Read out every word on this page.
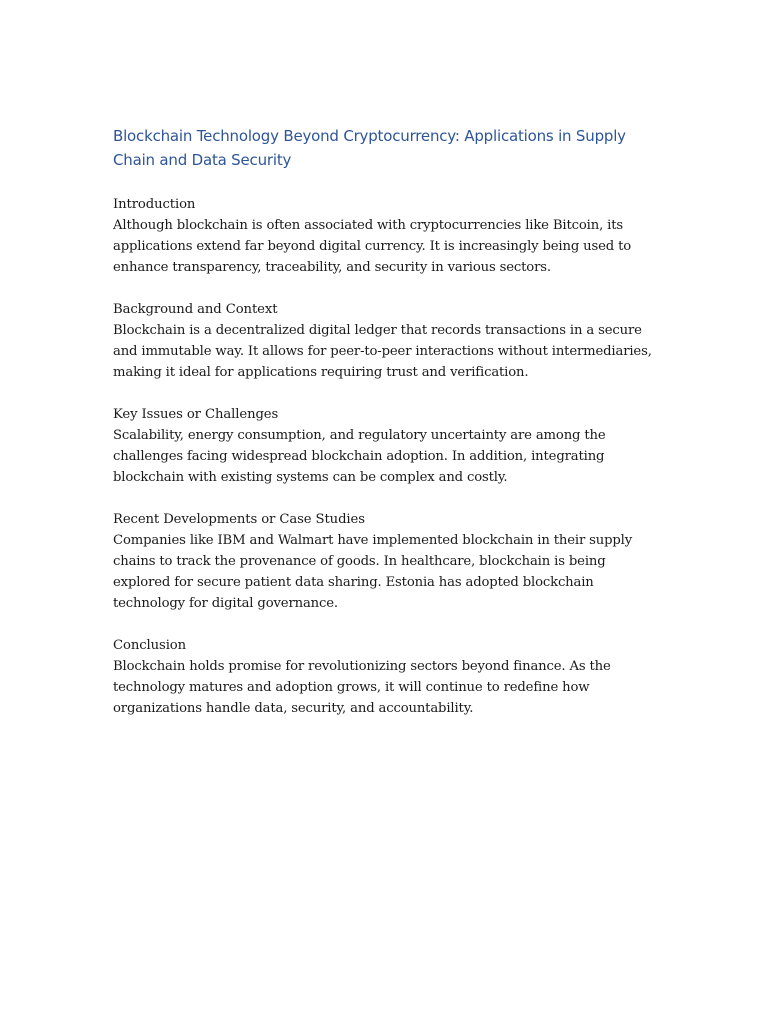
Blockchain Technology Beyond Cryptocurrency: Applications in Supply Chain and Data Security

Introduction

Although blockchain is often associated with cryptocurrencies like Bitcoin, its applications extend far beyond digital currency. It is increasingly being used to enhance transparency, traceability, and security in various sectors.

Background and Context

Blockchain is a decentralized digital ledger that records transactions in a secure and immutable way. It allows for peer-to-peer interactions without intermediaries, making it ideal for applications requiring trust and verification.

Key Issues or Challenges

Scalability, energy consumption, and regulatory uncertainty are among the challenges facing widespread blockchain adoption. In addition, integrating blockchain with existing systems can be complex and costly.

Recent Developments or Case Studies

Companies like IBM and Walmart have implemented blockchain in their supply chains to track the provenance of goods. In healthcare, blockchain is being explored for secure patient data sharing. Estonia has adopted blockchain technology for digital governance.

Conclusion

Blockchain holds promise for revolutionizing sectors beyond finance. As the technology matures and adoption grows, it will continue to redefine how organizations handle data, security, and accountability.
